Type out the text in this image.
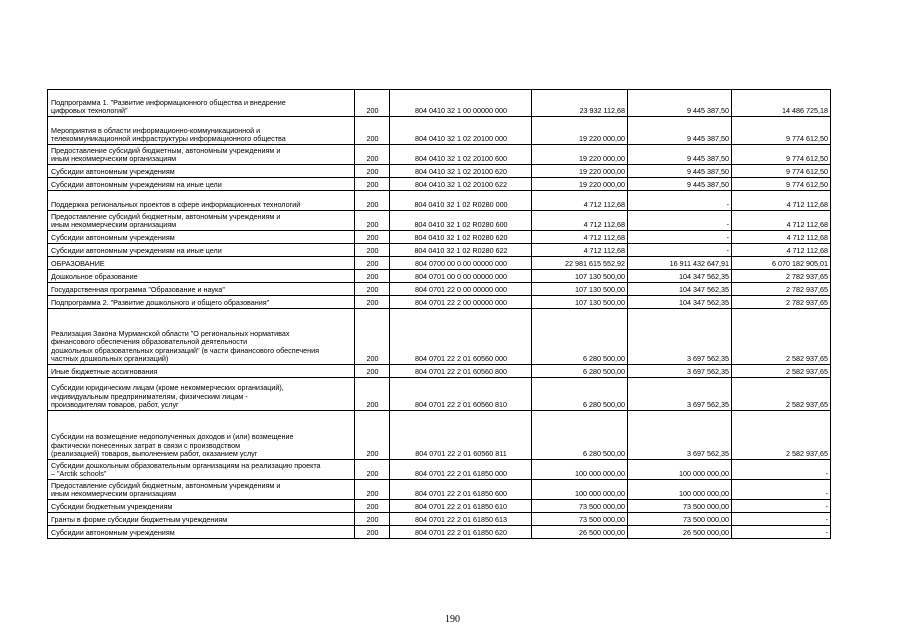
Подпрограмма 1. "Развитие информационного общества и внедрение
цифровых технологий"	200	804 0410 32 1 00 00000 000	23 932 112,68	9 445 387,50	14 486 725,18
Мероприятия в области информационно-коммуникационной и
телекоммуникационной инфраструктуры информационного общества	200	804 0410 32 1 02 20100 000	19 220 000,00	9 445 387,50	9 774 612,50
Предоставление субсидий бюджетным, автономным учреждениям и
иным некоммерческим организациям	200	804 0410 32 1 02 20100 600	19 220 000,00	9 445 387,50	9 774 612,50
Субсидии автономным учреждениям	200	804 0410 32 1 02 20100 620	19 220 000,00	9 445 387,50	9 774 612,50
Субсидии автономным учреждениям на иные цели	200	804 0410 32 1 02 20100 622	19 220 000,00	9 445 387,50	9 774 612,50
Поддержка региональных проектов в сфере информационных технологий	200	804 0410 32 1 02 R0280 000	4 712 112,68	-	4 712 112,68
Предоставление субсидий бюджетным, автономным учреждениям и
иным некоммерческим организациям	200	804 0410 32 1 02 R0280 600	4 712 112,68	-	4 712 112,68
Субсидии автономным учреждениям	200	804 0410 32 1 02 R0280 620	4 712 112,68	-	4 712 112,68
Субсидии автономным учреждениям на иные цели	200	804 0410 32 1 02 R0280 622	4 712 112,68	-	4 712 112,68
ОБРАЗОВАНИЕ	200	804 0700 00 0 00 00000 000	22 981 615 552,92	16 911 432 647,91	6 070 182 905,01
Дошкольное образование	200	804 0701 00 0 00 00000 000	107 130 500,00	104 347 562,35	2 782 937,65
Государственная программа "Образование и наука"	200	804 0701 22 0 00 00000 000	107 130 500,00	104 347 562,35	2 782 937,65
Подпрограмма 2. "Развитие дошкольного и общего образования"	200	804 0701 22 2 00 00000 000	107 130 500,00	104 347 562,35	2 782 937,65
Реализация Закона Мурманской области "О региональных нормативах
финансового обеспечения образовательной деятельности
дошкольных образовательных организаций" (в части финансового обеспечения
частных дошкольных организаций)	200	804 0701 22 2 01 60560 000	6 280 500,00	3 697 562,35	2 582 937,65
Иные бюджетные ассигнования	200	804 0701 22 2 01 60560 800	6 280 500,00	3 697 562,35	2 582 937,65
Субсидии юридическим лицам (кроме некоммерческих организаций),
индивидуальным предпринимателям, физическим лицам -
производителям товаров, работ, услуг	200	804 0701 22 2 01 60560 810	6 280 500,00	3 697 562,35	2 582 937,65
Субсидии на возмещение недополученных доходов и (или) возмещение
фактически понесенных затрат в связи с производством
(реализацией) товаров, выполнением работ, оказанием услуг	200	804 0701 22 2 01 60560 811	6 280 500,00	3 697 562,35	2 582 937,65
Субсидии дошкольным образовательным организациям на реализацию проекта
– "Arctik schools"	200	804 0701 22 2 01 61850 000	100 000 000,00	100 000 000,00	-
Предоставление субсидий бюджетным, автономным учреждениям и
иным некоммерческим организациям	200	804 0701 22 2 01 61850 600	100 000 000,00	100 000 000,00	-
Субсидии бюджетным учреждениям	200	804 0701 22 2 01 61850 610	73 500 000,00	73 500 000,00	-
Гранты в форме субсидии бюджетным учреждениям	200	804 0701 22 2 01 61850 613	73 500 000,00	73 500 000,00	-
Субсидии автономным учреждениям	200	804 0701 22 2 01 61850 620	26 500 000,00	26 500 000,00	-
190
